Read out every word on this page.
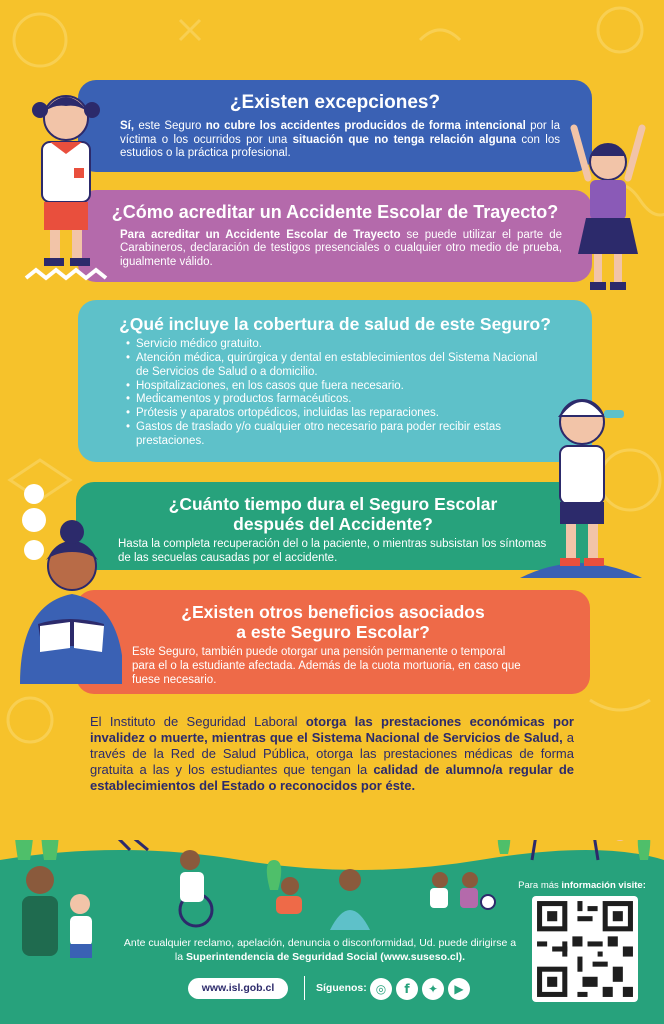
¿Existen excepciones?

Sí, este Seguro no cubre los accidentes producidos de forma intencional por la víctima o los ocurridos por una situación que no tenga relación alguna con los estudios o la práctica profesional.

¿Cómo acreditar un Accidente Escolar de Trayecto?

Para acreditar un Accidente Escolar de Trayecto se puede utilizar el parte de Carabineros, declaración de testigos presenciales o cualquier otro medio de prueba, igualmente válido.

¿Qué incluye la cobertura de salud de este Seguro?
• Servicio médico gratuito.
• Atención médica, quirúrgica y dental en establecimientos del Sistema Nacional de Servicios de Salud o a domicilio.
• Hospitalizaciones, en los casos que fuera necesario.
• Medicamentos y productos farmacéuticos.
• Prótesis y aparatos ortopédicos, incluidas las reparaciones.
• Gastos de traslado y/o cualquier otro necesario para poder recibir estas prestaciones.
¿Cuánto tiempo dura el Seguro Escolar
después del Accidente?

Hasta la completa recuperación del o la paciente, o mientras subsistan los síntomas de las secuelas causadas por el accidente.

¿Existen otros beneficios asociados
a este Seguro Escolar?

Este Seguro, también puede otorgar una pensión permanente o temporal para el o la estudiante afectada. Además de la cuota mortuoria, en caso que fuese necesario.

El Instituto de Seguridad Laboral otorga las prestaciones económicas por invalidez o muerte, mientras que el Sistema Nacional de Servicios de Salud, a través de la Red de Salud Pública, otorga las prestaciones médicas de forma gratuita a las y los estudiantes que tengan la calidad de alumno/a regular de establecimientos del Estado o reconocidos por éste.

Ante cualquier reclamo, apelación, denuncia o disconformidad, Ud. puede dirigirse a la Superintendencia de Seguridad Social (www.suseso.cl).

www.isl.gob.cl	Síguenos: ◎	f	✦	▶
Para más información visite:
